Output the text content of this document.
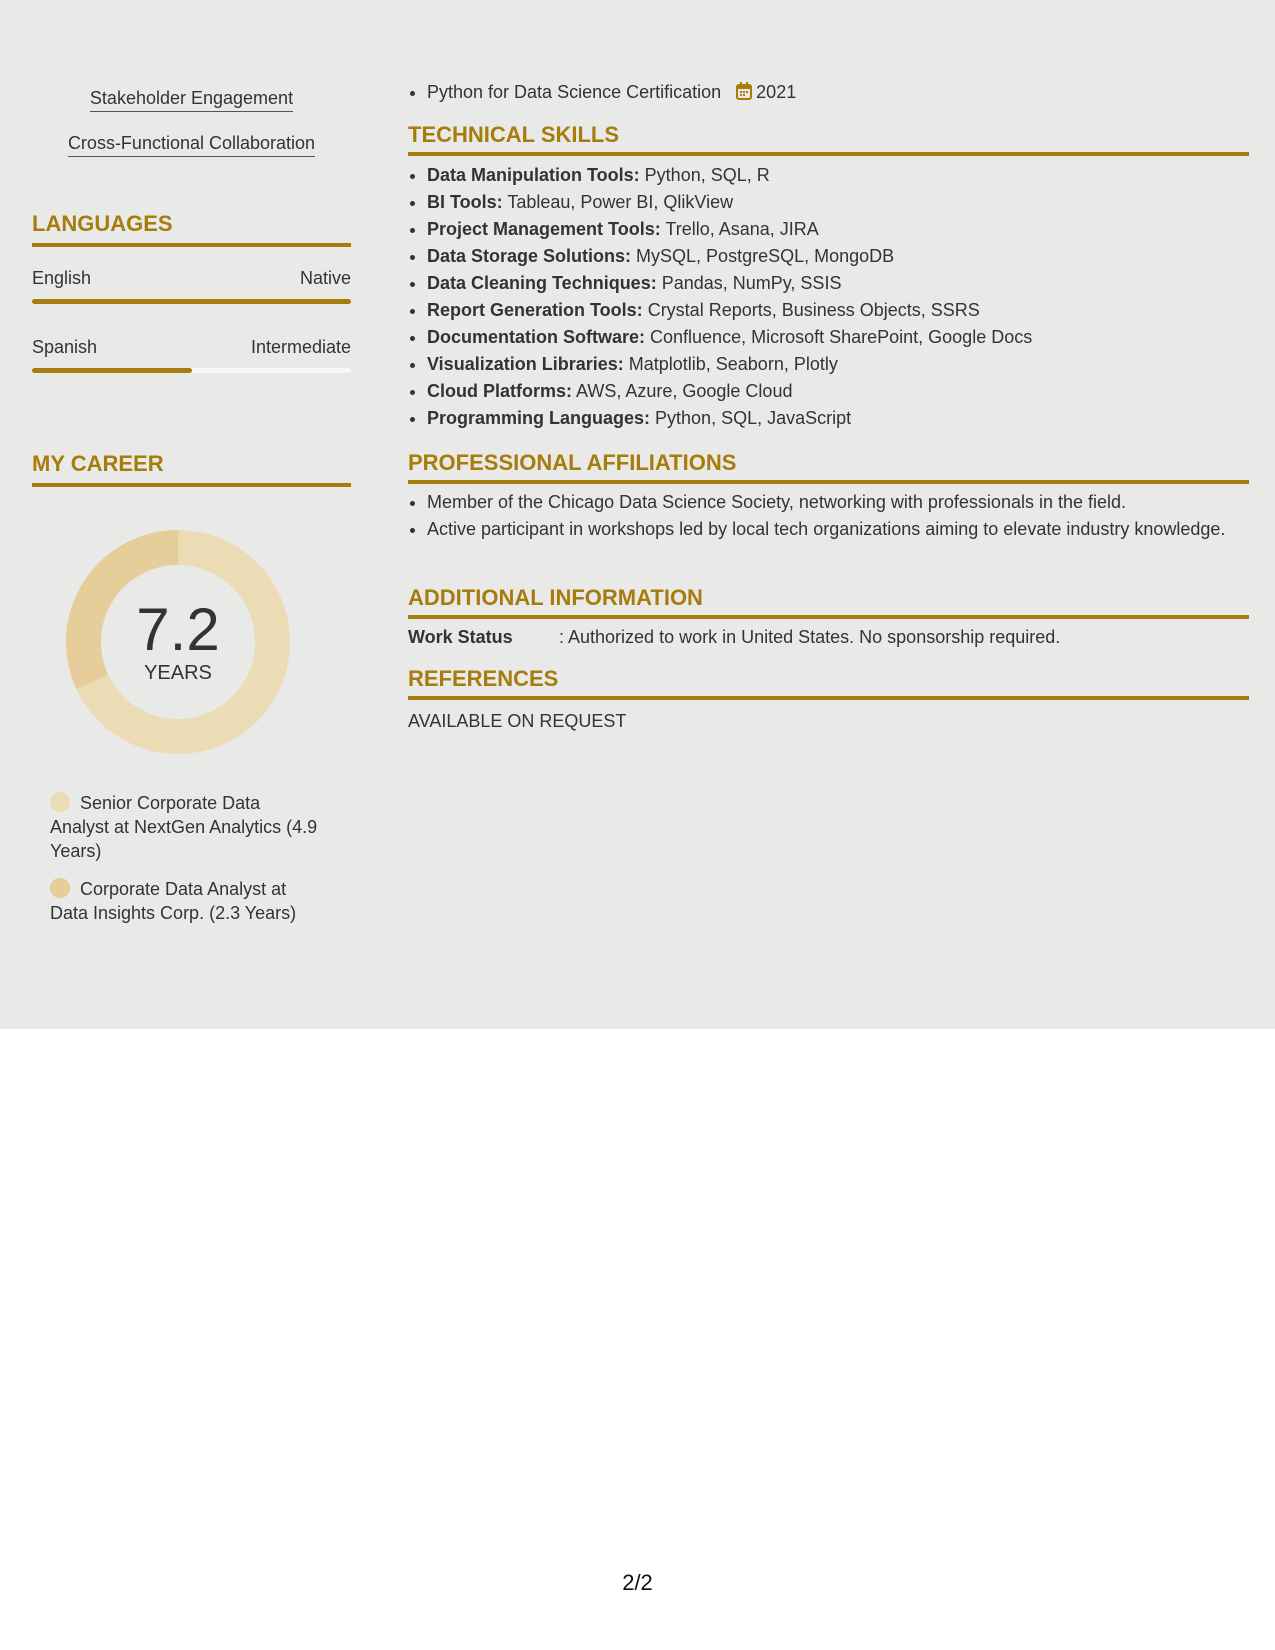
Stakeholder Engagement
Cross-Functional Collaboration
LANGUAGES
English	Native
Spanish	Intermediate
MY CAREER
7.2
YEARS
Senior Corporate Data Analyst at NextGen Analytics (4.9 Years)
Corporate Data Analyst at Data Insights Corp. (2.3 Years)
• Python for Data Science Certification 2021
TECHNICAL SKILLS
• Data Manipulation Tools: Python, SQL, R
• BI Tools: Tableau, Power BI, QlikView
• Project Management Tools: Trello, Asana, JIRA
• Data Storage Solutions: MySQL, PostgreSQL, MongoDB
• Data Cleaning Techniques: Pandas, NumPy, SSIS
• Report Generation Tools: Crystal Reports, Business Objects, SSRS
• Documentation Software: Confluence, Microsoft SharePoint, Google Docs
• Visualization Libraries: Matplotlib, Seaborn, Plotly
• Cloud Platforms: AWS, Azure, Google Cloud
• Programming Languages: Python, SQL, JavaScript
PROFESSIONAL AFFILIATIONS
• Member of the Chicago Data Science Society, networking with professionals in the field.
• Active participant in workshops led by local tech organizations aiming to elevate industry knowledge.
ADDITIONAL INFORMATION
Work Status	: Authorized to work in United States. No sponsorship required.
REFERENCES
AVAILABLE ON REQUEST
2/2
